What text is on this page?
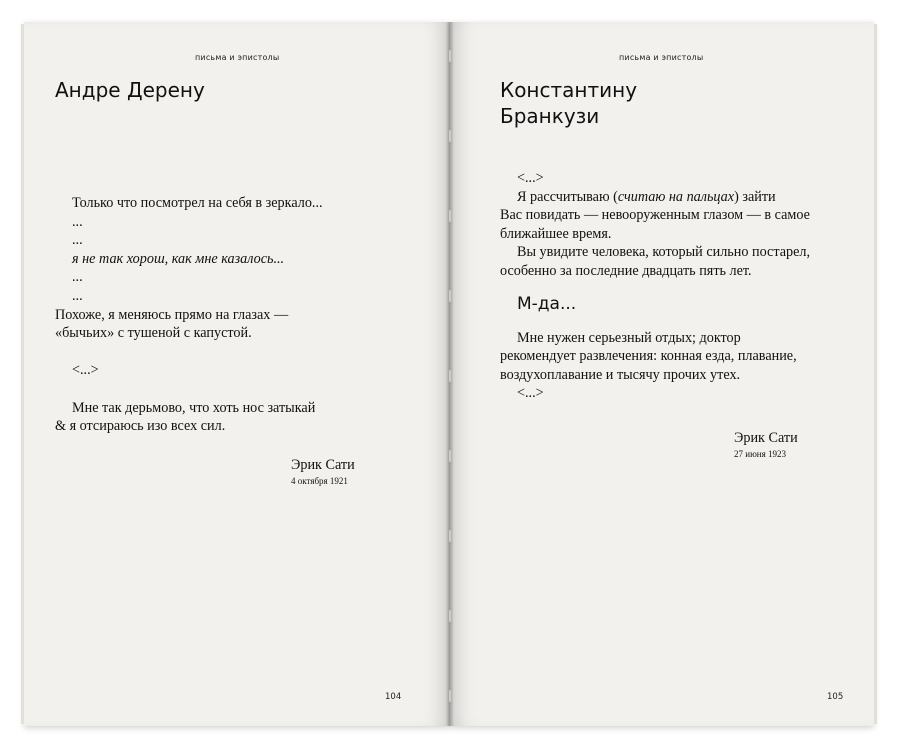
письма и эпистолы
Андре Дерену
Только что посмотрел на себя в зеркало...
...
...
я не так хорош, как мне казалось...
...
...
Похоже, я меняюсь прямо на глазах —
«бычьих» с тушеной с капустой.
<...>
Мне так дерьмово, что хоть нос затыкай
& я отсираюсь изо всех сил.
Эрик Сати
4 октября 1921
104
письма и эпистолы
Константину
Бранкузи
<...>
Я рассчитываю (считаю на пальцах) зайти
Вас повидать — невооруженным глазом — в самое
ближайшее время.
Вы увидите человека, который сильно постарел,
особенно за последние двадцать пять лет.
М-да...
Мне нужен серьезный отдых; доктор
рекомендует развлечения: конная езда, плавание,
воздухоплавание и тысячу прочих утех.
<...>
Эрик Сати
27 июня 1923
105
